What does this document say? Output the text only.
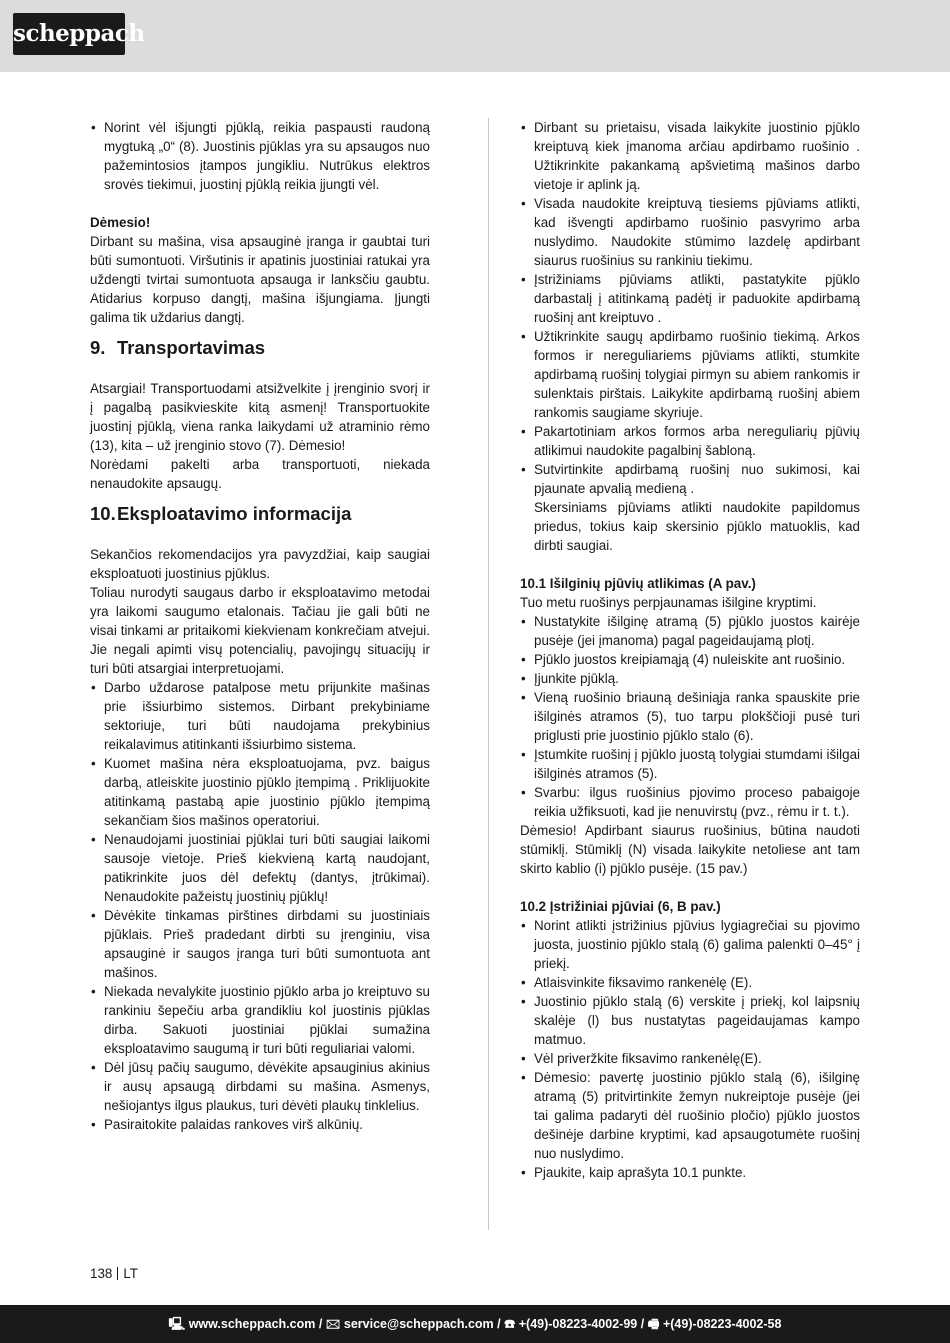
scheppach
• Norint vėl išjungti pjūklą, reikia paspausti raudoną mygtuką „0“ (8). Juostinis pjūklas yra su apsaugos nuo pažemintosios įtampos jungikliu. Nutrūkus elektros srovės tiekimui, juostinį pjūklą reikia įjungti vėl.

Dėmesio!

Dirbant su mašina, visa apsauginė įranga ir gaubtai turi būti sumontuoti. Viršutinis ir apatinis juostiniai ratukai yra uždengti tvirtai sumontuota apsauga ir lanksčiu gaubtu. Atidarius korpuso dangtį, mašina išjungiama. Įjungti galima tik uždarius dangtį.

9. Transportavimas

Atsargiai! Transportuodami atsižvelkite į įrenginio svorį ir į pagalbą pasikvieskite kitą asmenį! Transportuokite juostinį pjūklą, viena ranka laikydami už atraminio rėmo (13), kita – už įrenginio stovo (7). Dėmesio!

Norėdami pakelti arba transportuoti, niekada nenaudokite apsaugų.

10.Eksploatavimo informacija

Sekančios rekomendacijos yra pavyzdžiai, kaip saugiai eksploatuoti juostinius pjūklus.

Toliau nurodyti saugaus darbo ir eksploatavimo metodai yra laikomi saugumo etalonais. Tačiau jie gali būti ne visai tinkami ar pritaikomi kiekvienam konkrečiam atvejui. Jie negali apimti visų potencialių, pavojingų situacijų ir turi būti atsargiai interpretuojami.

• Darbo uždarose patalpose metu prijunkite mašinas prie išsiurbimo sistemos. Dirbant prekybiniame sektoriuje, turi būti naudojama prekybinius reikalavimus atitinkanti išsiurbimo sistema.
• Kuomet mašina nėra eksploatuojama, pvz. baigus darbą, atleiskite juostinio pjūklo įtempimą . Priklijuokite atitinkamą pastabą apie juostinio pjūklo įtempimą sekančiam šios mašinos operatoriui.
• Nenaudojami juostiniai pjūklai turi būti saugiai laikomi sausoje vietoje. Prieš kiekvieną kartą naudojant, patikrinkite juos dėl defektų (dantys, įtrūkimai). Nenaudokite pažeistų juostinių pjūklų!
• Dėvėkite tinkamas pirštines dirbdami su juostiniais pjūklais. Prieš pradedant dirbti su įrenginiu, visa apsauginė ir saugos įranga turi būti sumontuota ant mašinos.
• Niekada nevalykite juostinio pjūklo arba jo kreiptuvo su rankiniu šepečiu arba grandikliu kol juostinis pjūklas dirba. Sakuoti juostiniai pjūklai sumažina eksploatavimo saugumą ir turi būti reguliariai valomi.
• Dėl jūsų pačių saugumo, dėvėkite apsauginius akinius ir ausų apsaugą dirbdami su mašina. Asmenys, nešiojantys ilgus plaukus, turi dėvėti plaukų tinklelius.
• Pasiraitokite palaidas rankoves virš alkūnių.
• Dirbant su prietaisu, visada laikykite juostinio pjūklo kreiptuvą kiek įmanoma arčiau apdirbamo ruošinio . Užtikrinkite pakankamą apšvietimą mašinos darbo vietoje ir aplink ją.
• Visada naudokite kreiptuvą tiesiems pjūviams atlikti, kad išvengti apdirbamo ruošinio pasvyrimo arba nuslydimo. Naudokite stūmimo lazdelę apdirbant siaurus ruošinius su rankiniu tiekimu.
• Įstrižiniams pjūviams atlikti, pastatykite pjūklo darbastalį į atitinkamą padėtį ir paduokite apdirbamą ruošinį ant kreiptuvo .
• Užtikrinkite saugų apdirbamo ruošinio tiekimą. Arkos formos ir nereguliariems pjūviams atlikti, stumkite apdirbamą ruošinį tolygiai pirmyn su abiem rankomis ir sulenktais pirštais. Laikykite apdirbamą ruošinį abiem rankomis saugiame skyriuje.
• Pakartotiniam arkos formos arba nereguliarių pjūvių atlikimui naudokite pagalbinį šabloną.
• Sutvirtinkite apdirbamą ruošinį nuo sukimosi, kai pjaunate apvalią medieną .

Skersiniams pjūviams atlikti naudokite papildomus priedus, tokius kaip skersinio pjūklo matuoklis, kad dirbti saugiai.

10.1 Išilginių pjūvių atlikimas (A pav.)

Tuo metu ruošinys perpjaunamas išilgine kryptimi.

• Nustatykite išilginę atramą (5) pjūklo juostos kairėje pusėje (jei įmanoma) pagal pageidaujamą plotį.
• Pjūklo juostos kreipiamąją (4) nuleiskite ant ruošinio.
• Įjunkite pjūklą.
• Vieną ruošinio briauną dešiniąja ranka spauskite prie išilginės atramos (5), tuo tarpu plokščioji pusė turi priglusti prie juostinio pjūklo stalo (6).
• Įstumkite ruošinį į pjūklo juostą tolygiai stumdami išilgai išilginės atramos (5).
• Svarbu: ilgus ruošinius pjovimo proceso pabaigoje reikia užfiksuoti, kad jie nenuvirstų (pvz., rėmu ir t. t.).

Dėmesio! Apdirbant siaurus ruošinius, būtina naudoti stūmiklį. Stūmiklį (N) visada laikykite netoliese ant tam skirto kablio (i) pjūklo pusėje. (15 pav.)

10.2 Įstrižiniai pjūviai (6, B pav.)
• Norint atlikti įstrižinius pjūvius lygiagrečiai su pjovimo juosta, juostinio pjūklo stalą (6) galima palenkti 0–45° į priekį.
• Atlaisvinkite fiksavimo rankenėlę (E).
• Juostinio pjūklo stalą (6) verskite į priekį, kol laipsnių skalėje (l) bus nustatytas pageidaujamas kampo matmuo.
• Vėl priveržkite fiksavimo rankenėlę(E).
• Dėmesio: pavertę juostinio pjūklo stalą (6), išilginę atramą (5) pritvirtinkite žemyn nukreiptoje pusėje (jei tai galima padaryti dėl ruošinio pločio) pjūklo juostos dešinėje darbine kryptimi, kad apsaugotumėte ruošinį nuo nuslydimo.
• Pjaukite, kaip aprašyta 10.1 punkte.
138 LT
🖳 www.scheppach.com / 🖂 service@scheppach.com / ☎ +(49)-08223-4002-99 / 🖷 +(49)-08223-4002-58
